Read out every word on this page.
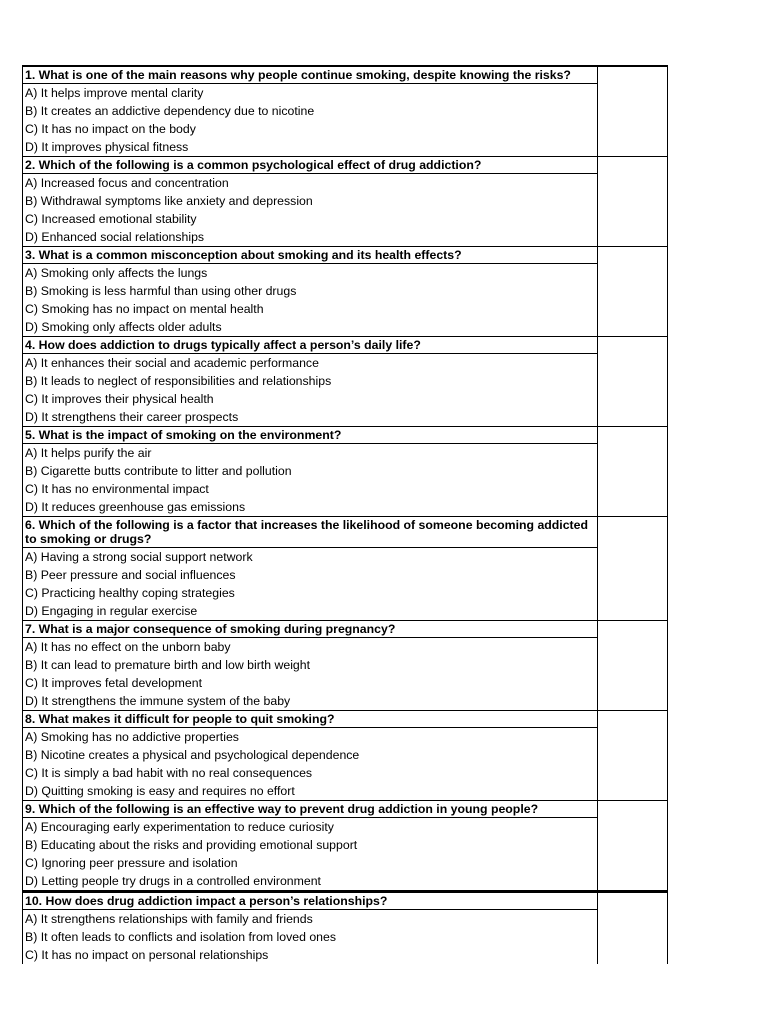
1. What is one of the main reasons why people continue smoking, despite knowing the risks?
A) It helps improve mental clarity
B) It creates an addictive dependency due to nicotine
C) It has no impact on the body
D) It improves physical fitness
2. Which of the following is a common psychological effect of drug addiction?
A) Increased focus and concentration
B) Withdrawal symptoms like anxiety and depression
C) Increased emotional stability
D) Enhanced social relationships
3. What is a common misconception about smoking and its health effects?
A) Smoking only affects the lungs
B) Smoking is less harmful than using other drugs
C) Smoking has no impact on mental health
D) Smoking only affects older adults
4. How does addiction to drugs typically affect a person’s daily life?
A) It enhances their social and academic performance
B) It leads to neglect of responsibilities and relationships
C) It improves their physical health
D) It strengthens their career prospects
5. What is the impact of smoking on the environment?
A) It helps purify the air
B) Cigarette butts contribute to litter and pollution
C) It has no environmental impact
D) It reduces greenhouse gas emissions
6. Which of the following is a factor that increases the likelihood of someone becoming addicted to smoking or drugs?
A) Having a strong social support network
B) Peer pressure and social influences
C) Practicing healthy coping strategies
D) Engaging in regular exercise
7. What is a major consequence of smoking during pregnancy?
A) It has no effect on the unborn baby
B) It can lead to premature birth and low birth weight
C) It improves fetal development
D) It strengthens the immune system of the baby
8. What makes it difficult for people to quit smoking?
A) Smoking has no addictive properties
B) Nicotine creates a physical and psychological dependence
C) It is simply a bad habit with no real consequences
D) Quitting smoking is easy and requires no effort
9. Which of the following is an effective way to prevent drug addiction in young people?
A) Encouraging early experimentation to reduce curiosity
B) Educating about the risks and providing emotional support
C) Ignoring peer pressure and isolation
D) Letting people try drugs in a controlled environment
10. How does drug addiction impact a person’s relationships?
A) It strengthens relationships with family and friends
B) It often leads to conflicts and isolation from loved ones
C) It has no impact on personal relationships
